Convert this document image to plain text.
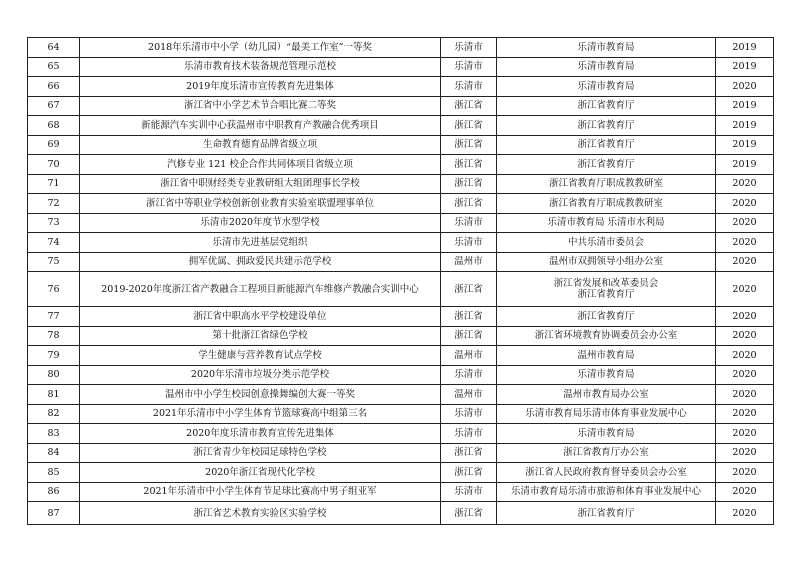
64	2018年乐清市中小学（幼儿园）“最美工作室”一等奖	乐清市	乐清市教育局	2019
65	乐清市教育技术装备规范管理示范校	乐清市	乐清市教育局	2019
66	2019年度乐清市宣传教育先进集体	乐清市	乐清市教育局	2020
67	浙江省中小学艺术节合唱比赛二等奖	浙江省	浙江省教育厅	2019
68	新能源汽车实训中心获温州市中职教育产教融合优秀项目	浙江省	浙江省教育厅	2019
69	生命教育德育品牌省级立项	浙江省	浙江省教育厅	2019
70	汽修专业 121 校企合作共同体项目省级立项	浙江省	浙江省教育厅	2019
71	浙江省中职财经类专业教研组大组团理事长学校	浙江省	浙江省教育厅职成教教研室	2020
72	浙江省中等职业学校创新创业教育实验室联盟理事单位	浙江省	浙江省教育厅职成教教研室	2020
73	乐清市2020年度节水型学校	乐清市	乐清市教育局 乐清市水利局	2020
74	乐清市先进基层党组织	乐清市	中共乐清市委员会	2020
75	拥军优属、拥政爱民共建示范学校	温州市	温州市双拥领导小组办公室	2020
76	2019-2020年度浙江省产教融合工程项目新能源汽车维修产教融合实训中心	浙江省	浙江省发展和改革委员会
浙江省教育厅	2020
77	浙江省中职高水平学校建设单位	浙江省	浙江省教育厅	2020
78	第十批浙江省绿色学校	浙江省	浙江省环境教育协调委员会办公室	2020
79	学生健康与营养教育试点学校	温州市	温州市教育局	2020
80	2020年乐清市垃圾分类示范学校	乐清市	乐清市教育局	2020
81	温州市中小学生校园创意操舞编创大赛一等奖	温州市	温州市教育局办公室	2020
82	2021年乐清市中小学生体育节篮球赛高中组第三名	乐清市	乐清市教育局乐清市体育事业发展中心	2020
83	2020年度乐清市教育宣传先进集体	乐清市	乐清市教育局	2020
84	浙江省青少年校园足球特色学校	浙江省	浙江省教育厅办公室	2020
85	2020年浙江省现代化学校	浙江省	浙江省人民政府教育督导委员会办公室	2020
86	2021年乐清市中小学生体育节足球比赛高中男子组亚军	乐清市	乐清市教育局乐清市旅游和体育事业发展中心	2020
87	浙江省艺术教育实验区实验学校	浙江省	浙江省教育厅	2020
